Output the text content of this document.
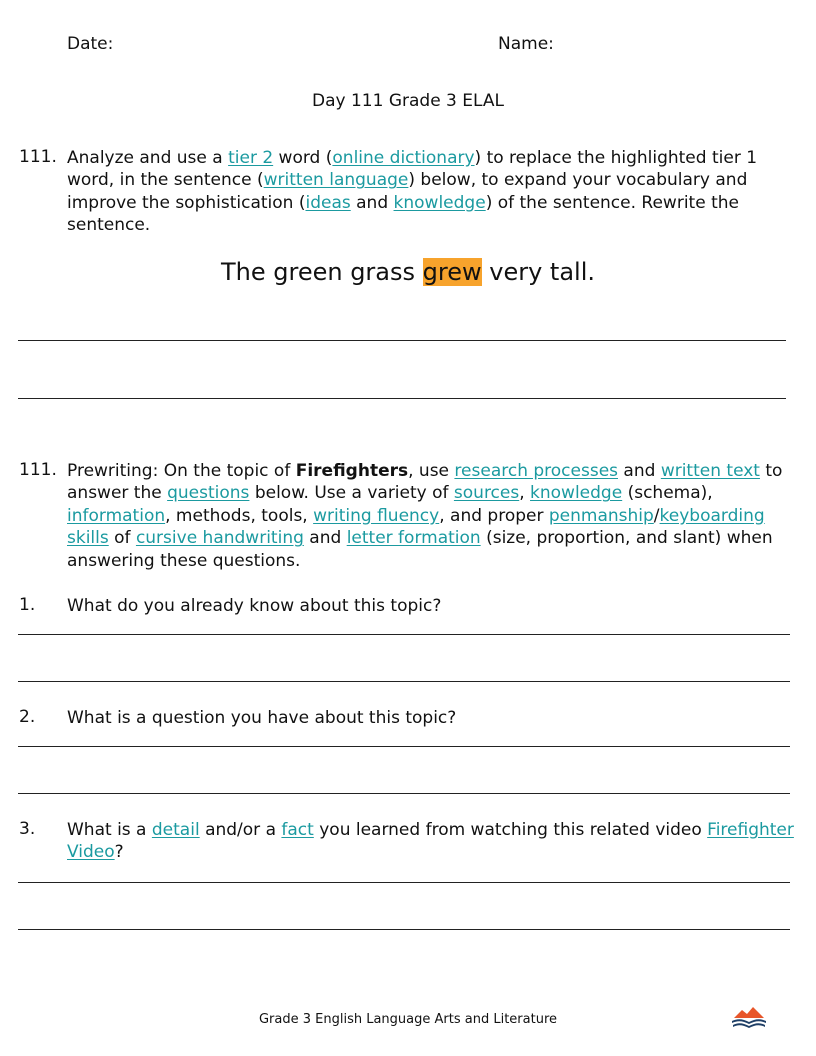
Date:	Name:
Day 111 Grade 3 ELAL
111. Analyze and use a tier 2 word (online dictionary) to replace the highlighted tier 1 word, in the sentence (written language) below, to expand your vocabulary and improve the sophistication (ideas and knowledge) of the sentence. Rewrite the sentence.
The green grass grew very tall.
111. Prewriting: On the topic of Firefighters, use research processes and written text to answer the questions below. Use a variety of sources, knowledge (schema), information, methods, tools, writing fluency, and proper penmanship/keyboarding skills of cursive handwriting and letter formation (size, proportion, and slant) when answering these questions.
1.	What do you already know about this topic?
2.	What is a question you have about this topic?
3.	What is a detail and/or a fact you learned from watching this related video Firefighter Video?
Grade 3 English Language Arts and Literature
